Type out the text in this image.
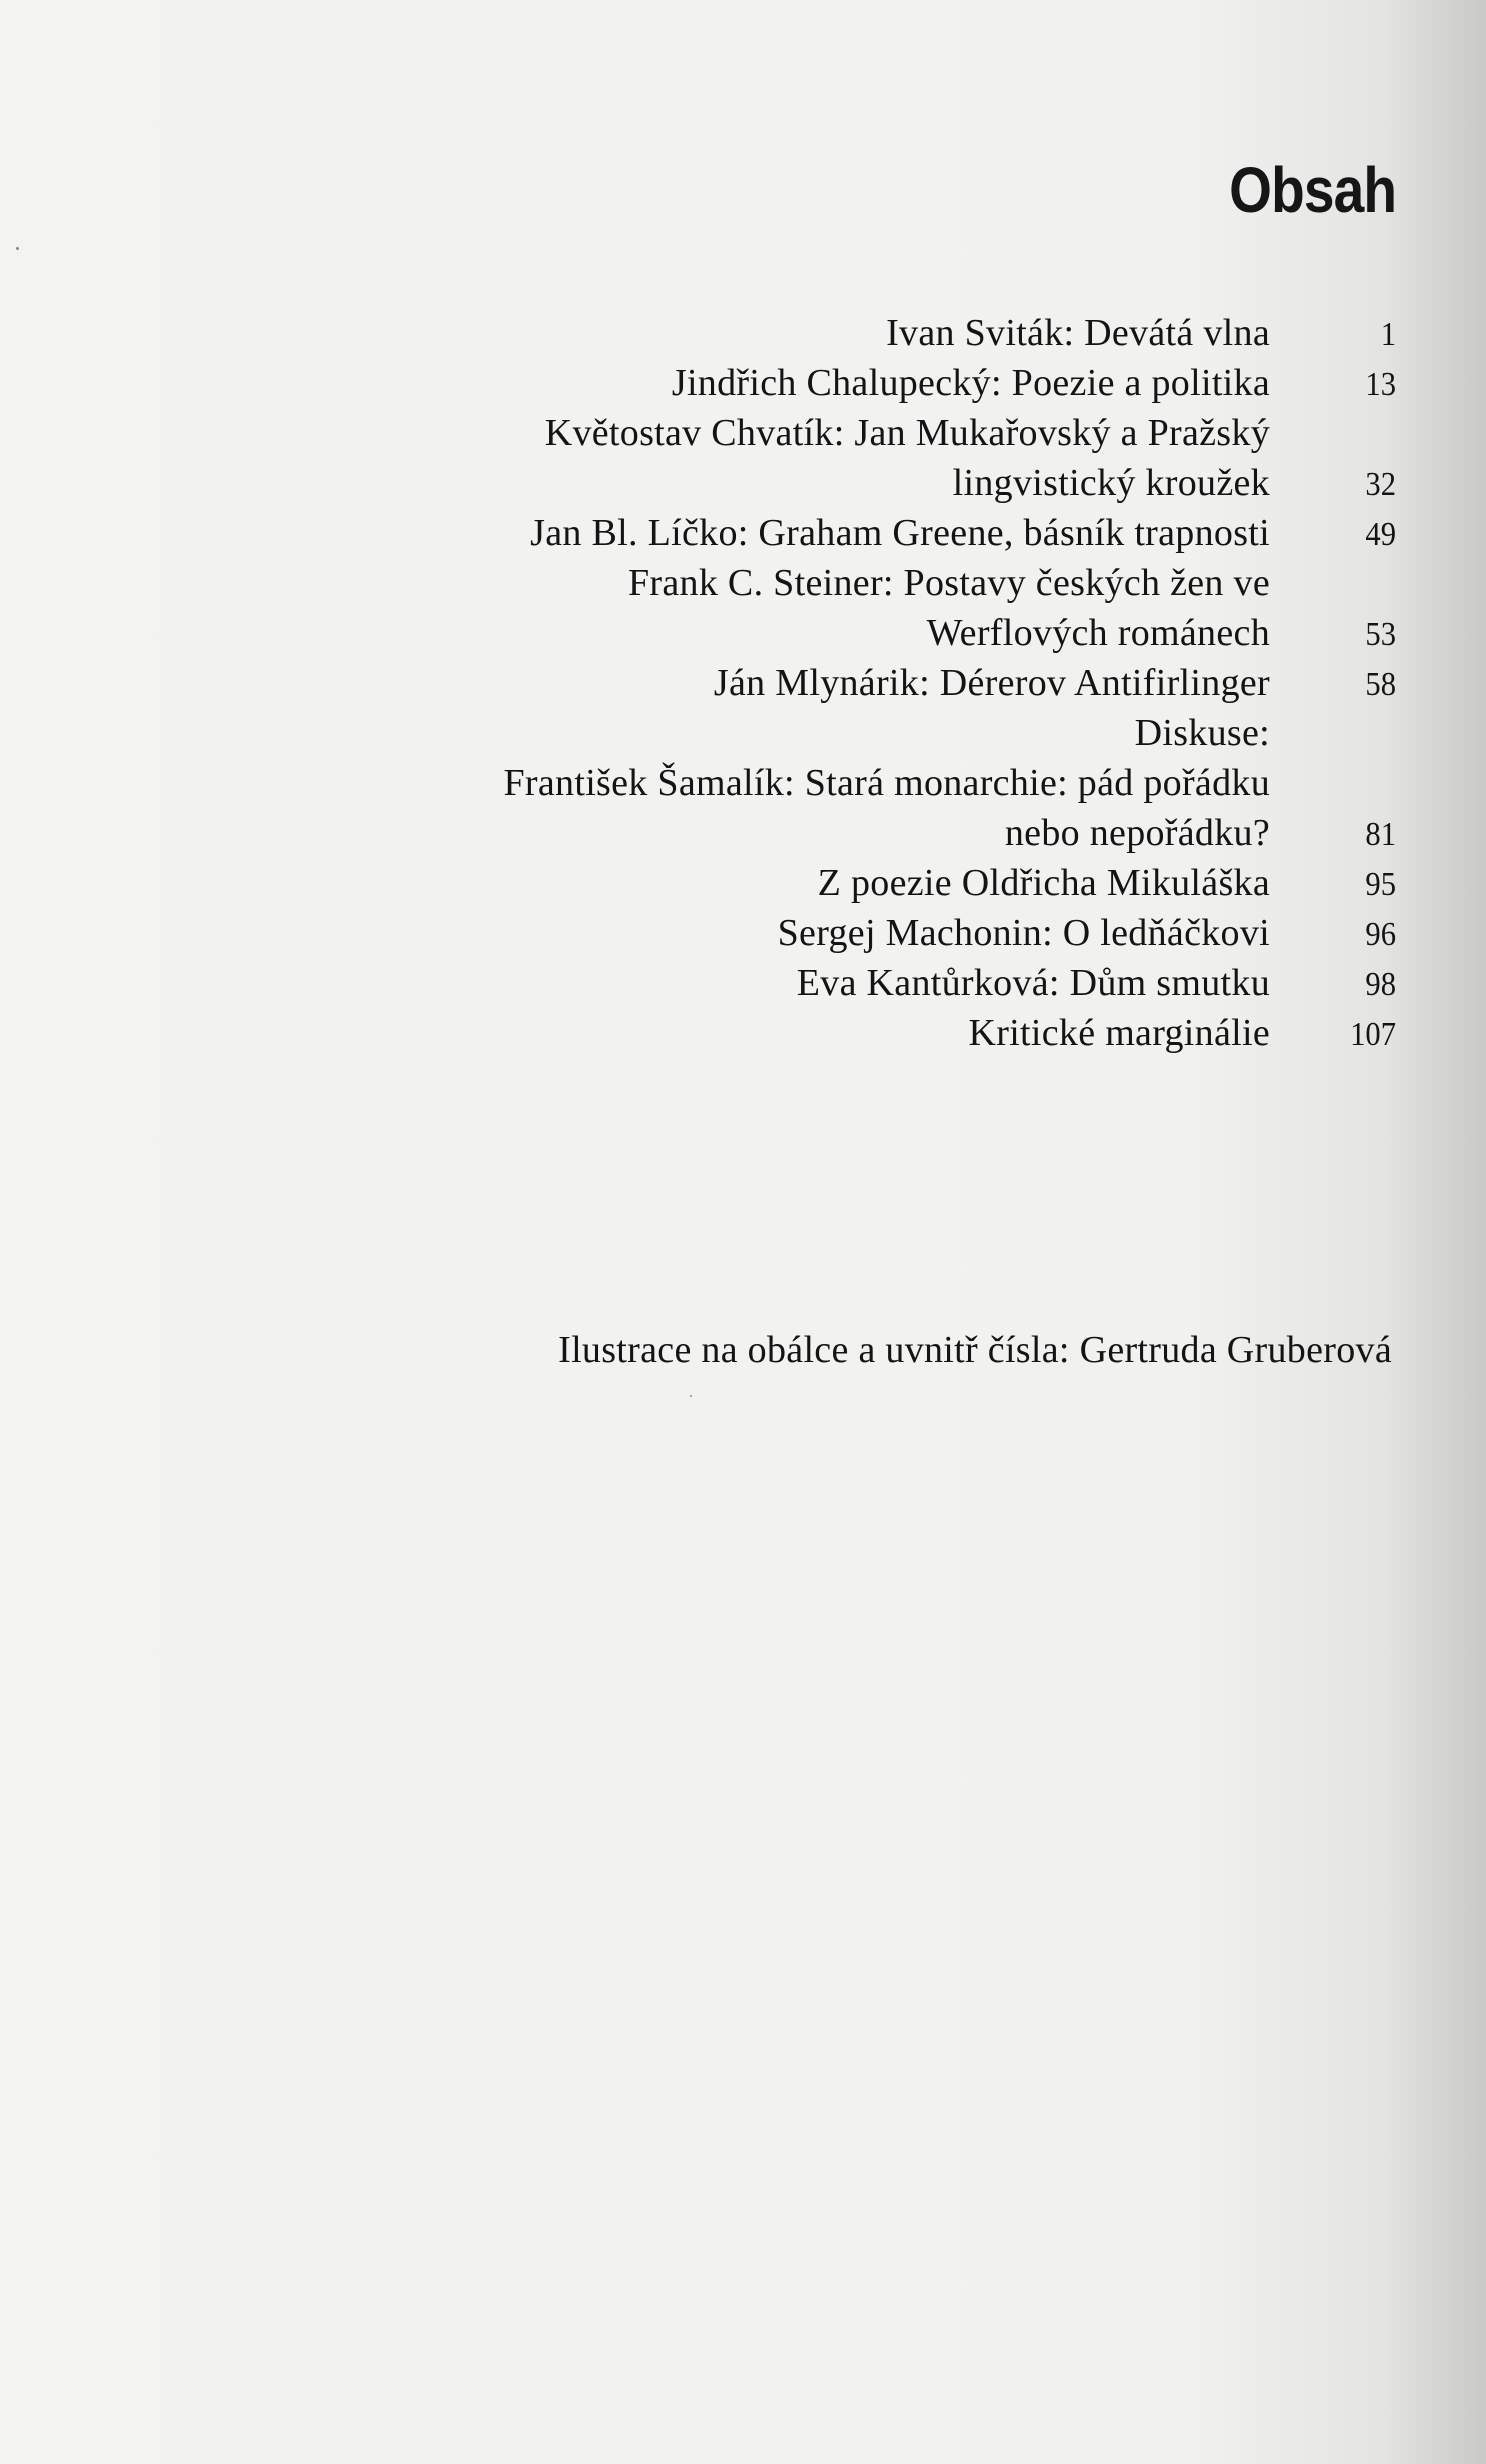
Obsah
Ivan Sviták: Devátá vlna	1
Jindřich Chalupecký: Poezie a politika	13
Květostav Chvatík: Jan Mukařovský a Pražský
lingvistický kroužek	32
Jan Bl. Líčko: Graham Greene, básník trapnosti	49
Frank C. Steiner: Postavy českých žen ve
Werflových románech	53
Ján Mlynárik: Dérerov Antifirlinger	58
Diskuse:
František Šamalík: Stará monarchie: pád pořádku
nebo nepořádku?	81
Z poezie Oldřicha Mikuláška	95
Sergej Machonin: O ledňáčkovi	96
Eva Kantůrková: Dům smutku	98
Kritické marginálie 107
Ilustrace na obálce a uvnitř čísla: Gertruda Gruberová
